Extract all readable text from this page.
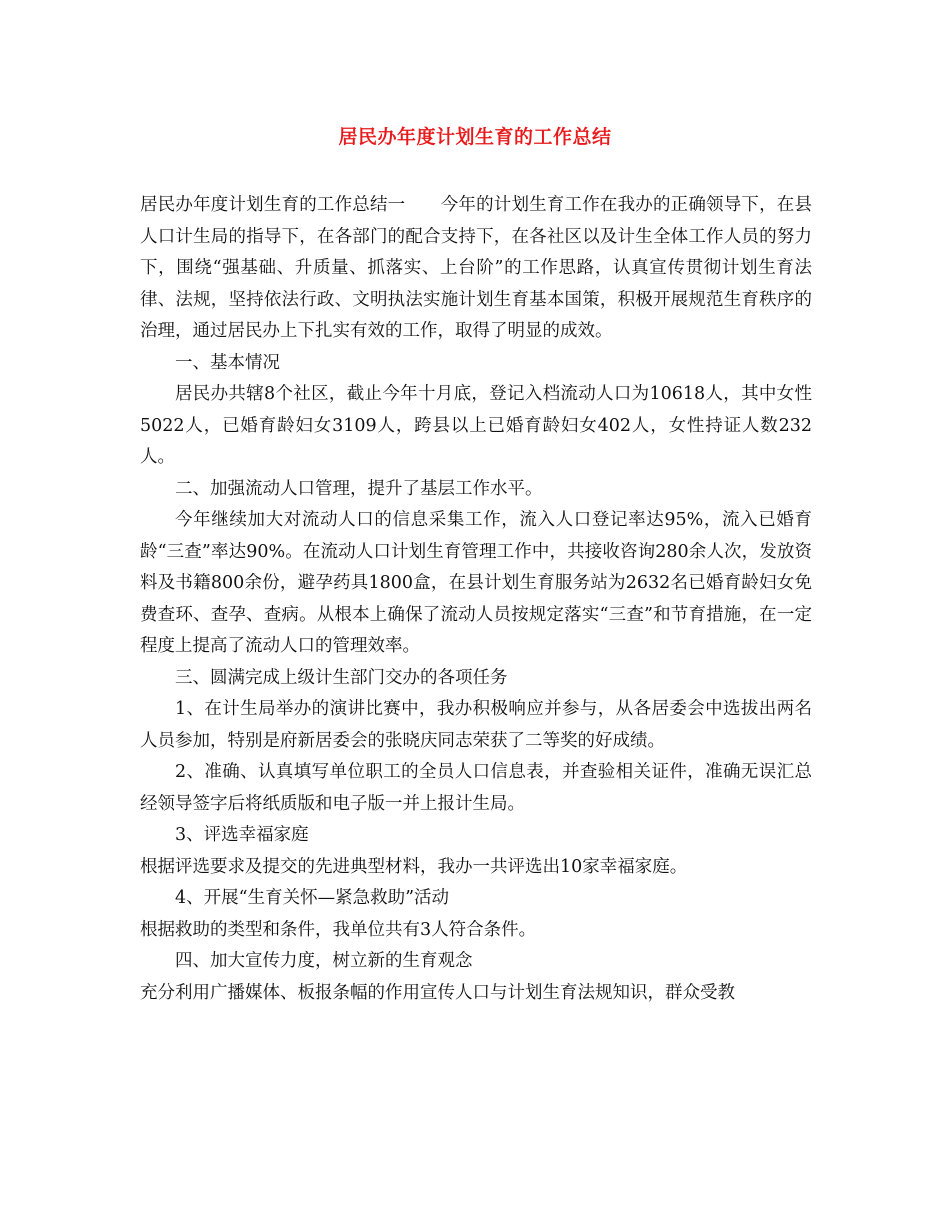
居民办年度计划生育的工作总结

居民办年度计划生育的工作总结一　　今年的计划生育工作在我办的正确领导下，在县人口计生局的指导下，在各部门的配合支持下，在各社区以及计生全体工作人员的努力下，围绕“强基础、升质量、抓落实、上台阶”的工作思路，认真宣传贯彻计划生育法律、法规，坚持依法行政、文明执法实施计划生育基本国策，积极开展规范生育秩序的治理，通过居民办上下扎实有效的工作，取得了明显的成效。

一、基本情况

居民办共辖8个社区，截止今年十月底，登记入档流动人口为10618人，其中女性5022人，已婚育龄妇女3109人，跨县以上已婚育龄妇女402人，女性持证人数232人。

二、加强流动人口管理，提升了基层工作水平。

今年继续加大对流动人口的信息采集工作，流入人口登记率达95%，流入已婚育龄“三查”率达90%。在流动人口计划生育管理工作中，共接收咨询280余人次，发放资料及书籍800余份，避孕药具1800盒，在县计划生育服务站为2632名已婚育龄妇女免费查环、查孕、查病。从根本上确保了流动人员按规定落实“三查”和节育措施，在一定程度上提高了流动人口的管理效率。

三、圆满完成上级计生部门交办的各项任务

1、在计生局举办的演讲比赛中，我办积极响应并参与，从各居委会中选拔出两名人员参加，特别是府新居委会的张晓庆同志荣获了二等奖的好成绩。

2、准确、认真填写单位职工的全员人口信息表，并查验相关证件，准确无误汇总经领导签字后将纸质版和电子版一并上报计生局。

3、评选幸福家庭

根据评选要求及提交的先进典型材料，我办一共评选出10家幸福家庭。

4、开展“生育关怀—紧急救助”活动

根据救助的类型和条件，我单位共有3人符合条件。

四、加大宣传力度，树立新的生育观念

充分利用广播媒体、板报条幅的作用宣传人口与计划生育法规知识，群众受教
